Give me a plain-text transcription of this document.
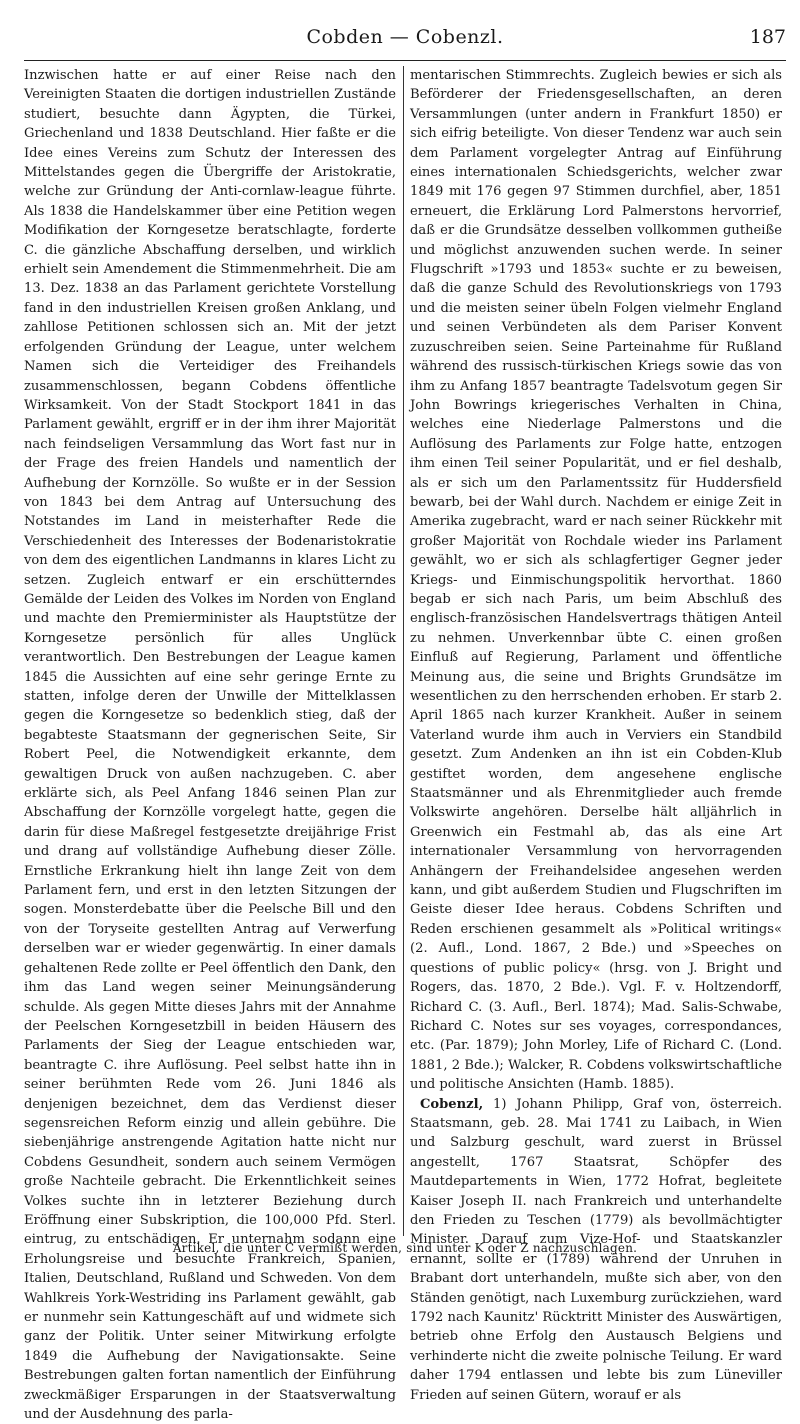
Cobden — Cobenzl.	187

Inzwischen hatte er auf einer Reise nach den Vereinigten Staaten die dortigen industriellen Zustände studiert, besuchte dann Ägypten, die Türkei, Griechenland und 1838 Deutschland. Hier faßte er die Idee eines Vereins zum Schutz der Interessen des Mittelstandes gegen die Übergriffe der Aristokratie, welche zur Gründung der Anti-cornlaw-league führte. Als 1838 die Handelskammer über eine Petition wegen Modifikation der Korngesetze beratschlagte, forderte C. die gänzliche Abschaffung derselben, und wirklich erhielt sein Amendement die Stimmenmehrheit. Die am 13. Dez. 1838 an das Parlament gerichtete Vorstellung fand in den industriellen Kreisen großen Anklang, und zahllose Petitionen schlossen sich an. Mit der jetzt erfolgenden Gründung der League, unter welchem Namen sich die Verteidiger des Freihandels zusammenschlossen, begann Cobdens öffentliche Wirksamkeit. Von der Stadt Stockport 1841 in das Parlament gewählt, ergriff er in der ihm ihrer Majorität nach feindseligen Versammlung das Wort fast nur in der Frage des freien Handels und namentlich der Aufhebung der Kornzölle. So wußte er in der Session von 1843 bei dem Antrag auf Untersuchung des Notstandes im Land in meisterhafter Rede die Verschiedenheit des Interesses der Bodenaristokratie von dem des eigentlichen Landmanns in klares Licht zu setzen. Zugleich entwarf er ein erschütterndes Gemälde der Leiden des Volkes im Norden von England und machte den Premierminister als Hauptstütze der Korngesetze persönlich für alles Unglück verantwortlich. Den Bestrebungen der League kamen 1845 die Aussichten auf eine sehr geringe Ernte zu statten, infolge deren der Unwille der Mittelklassen gegen die Korngesetze so bedenklich stieg, daß der begabteste Staatsmann der gegnerischen Seite, Sir Robert Peel, die Notwendigkeit erkannte, dem gewaltigen Druck von außen nachzugeben. C. aber erklärte sich, als Peel Anfang 1846 seinen Plan zur Abschaffung der Kornzölle vorgelegt hatte, gegen die darin für diese Maßregel festgesetzte dreijährige Frist und drang auf vollständige Aufhebung dieser Zölle. Ernstliche Erkrankung hielt ihn lange Zeit von dem Parlament fern, und erst in den letzten Sitzungen der sogen. Monsterdebatte über die Peelsche Bill und den von der Toryseite gestellten Antrag auf Verwerfung derselben war er wieder gegenwärtig. In einer damals gehaltenen Rede zollte er Peel öffentlich den Dank, den ihm das Land wegen seiner Meinungsänderung schulde. Als gegen Mitte dieses Jahrs mit der Annahme der Peelschen Korngesetzbill in beiden Häusern des Parlaments der Sieg der League entschieden war, beantragte C. ihre Auflösung. Peel selbst hatte ihn in seiner berühmten Rede vom 26. Juni 1846 als denjenigen bezeichnet, dem das Verdienst dieser segensreichen Reform einzig und allein gebühre. Die siebenjährige anstrengende Agitation hatte nicht nur Cobdens Gesundheit, sondern auch seinem Vermögen große Nachteile gebracht. Die Erkenntlichkeit seines Volkes suchte ihn in letzterer Beziehung durch Eröffnung einer Subskription, die 100,000 Pfd. Sterl. eintrug, zu entschädigen. Er unternahm sodann eine Erholungsreise und besuchte Frankreich, Spanien, Italien, Deutschland, Rußland und Schweden. Von dem Wahlkreis York-Westriding ins Parlament gewählt, gab er nunmehr sein Kattungeschäft auf und widmete sich ganz der Politik. Unter seiner Mitwirkung erfolgte 1849 die Aufhebung der Navigationsakte. Seine Bestrebungen galten fortan namentlich der Einführung zweckmäßiger Ersparungen in der Staatsverwaltung und der Ausdehnung des parla-

mentarischen Stimmrechts. Zugleich bewies er sich als Beförderer der Friedensgesellschaften, an deren Versammlungen (unter andern in Frankfurt 1850) er sich eifrig beteiligte. Von dieser Tendenz war auch sein dem Parlament vorgelegter Antrag auf Einführung eines internationalen Schiedsgerichts, welcher zwar 1849 mit 176 gegen 97 Stimmen durchfiel, aber, 1851 erneuert, die Erklärung Lord Palmerstons hervorrief, daß er die Grundsätze desselben vollkommen gutheiße und möglichst anzuwenden suchen werde. In seiner Flugschrift »1793 und 1853« suchte er zu beweisen, daß die ganze Schuld des Revolutionskriegs von 1793 und die meisten seiner übeln Folgen vielmehr England und seinen Verbündeten als dem Pariser Konvent zuzuschreiben seien. Seine Parteinahme für Rußland während des russisch-türkischen Kriegs sowie das von ihm zu Anfang 1857 beantragte Tadelsvotum gegen Sir John Bowrings kriegerisches Verhalten in China, welches eine Niederlage Palmerstons und die Auflösung des Parlaments zur Folge hatte, entzogen ihm einen Teil seiner Popularität, und er fiel deshalb, als er sich um den Parlamentssitz für Huddersfield bewarb, bei der Wahl durch. Nachdem er einige Zeit in Amerika zugebracht, ward er nach seiner Rückkehr mit großer Majorität von Rochdale wieder ins Parlament gewählt, wo er sich als schlagfertiger Gegner jeder Kriegs- und Einmischungspolitik hervorthat. 1860 begab er sich nach Paris, um beim Abschluß des englisch-französischen Handelsvertrags thätigen Anteil zu nehmen. Unverkennbar übte C. einen großen Einfluß auf Regierung, Parlament und öffentliche Meinung aus, die seine und Brights Grundsätze im wesentlichen zu den herrschenden erhoben. Er starb 2. April 1865 nach kurzer Krankheit. Außer in seinem Vaterland wurde ihm auch in Verviers ein Standbild gesetzt. Zum Andenken an ihn ist ein Cobden-Klub gestiftet worden, dem angesehene englische Staatsmänner und als Ehrenmitglieder auch fremde Volkswirte angehören. Derselbe hält alljährlich in Greenwich ein Festmahl ab, das als eine Art internationaler Versammlung von hervorragenden Anhängern der Freihandelsidee angesehen werden kann, und gibt außerdem Studien und Flugschriften im Geiste dieser Idee heraus. Cobdens Schriften und Reden erschienen gesammelt als »Political writings« (2. Aufl., Lond. 1867, 2 Bde.) und »Speeches on questions of public policy« (hrsg. von J. Bright und Rogers, das. 1870, 2 Bde.). Vgl. F. v. Holtzendorff, Richard C. (3. Aufl., Berl. 1874); Mad. Salis-Schwabe, Richard C. Notes sur ses voyages, correspondances, etc. (Par. 1879); John Morley, Life of Richard C. (Lond. 1881, 2 Bde.); Walcker, R. Cobdens volkswirtschaftliche und politische Ansichten (Hamb. 1885).

Cobenzl, 1) Johann Philipp, Graf von, österreich. Staatsmann, geb. 28. Mai 1741 zu Laibach, in Wien und Salzburg geschult, ward zuerst in Brüssel angestellt, 1767 Staatsrat, Schöpfer des Mautdepartements in Wien, 1772 Hofrat, begleitete Kaiser Joseph II. nach Frankreich und unterhandelte den Frieden zu Teschen (1779) als bevollmächtigter Minister. Darauf zum Vize-Hof- und Staatskanzler ernannt, sollte er (1789) während der Unruhen in Brabant dort unterhandeln, mußte sich aber, von den Ständen genötigt, nach Luxemburg zurückziehen, ward 1792 nach Kaunitz' Rücktritt Minister des Auswärtigen, betrieb ohne Erfolg den Austausch Belgiens und verhinderte nicht die zweite polnische Teilung. Er ward daher 1794 entlassen und lebte bis zum Lüneviller Frieden auf seinen Gütern, worauf er als

Artikel, die unter C vermißt werden, sind unter K oder Z nachzuschlagen.
